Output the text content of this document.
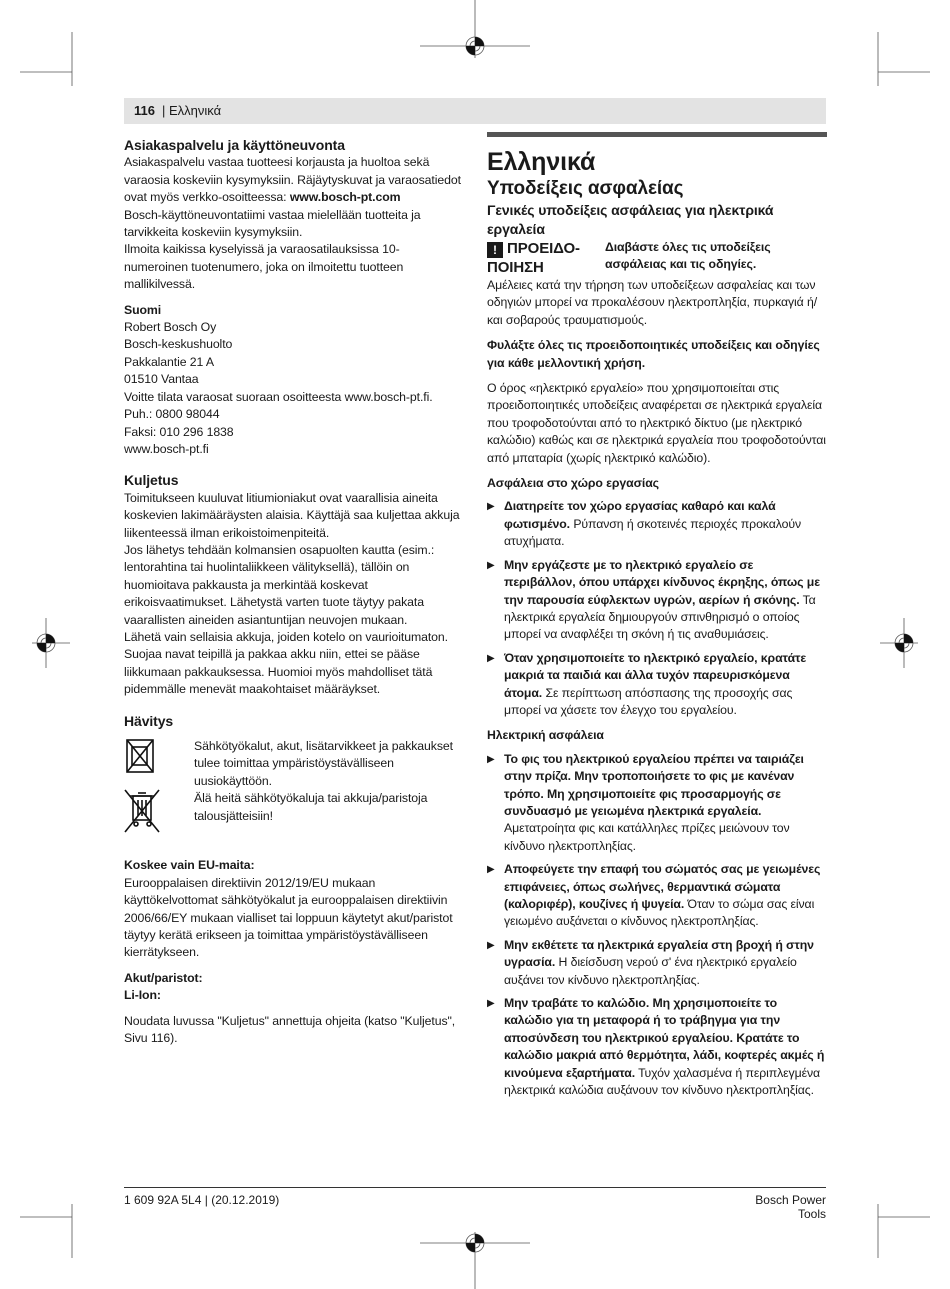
116 | Ελληνικά

Asiakaspalvelu ja käyttöneuvonta

Asiakaspalvelu vastaa tuotteesi korjausta ja huoltoa sekä varaosia koskeviin kysymyksiin. Räjäytyskuvat ja varaosatiedot ovat myös verkko-osoitteessa: www.bosch-pt.com

Bosch-käyttöneuvontatiimi vastaa mielellään tuotteita ja tarvikkeita koskeviin kysymyksiin.

Ilmoita kaikissa kyselyissä ja varaosatilauksissa 10-numeroinen tuotenumero, joka on ilmoitettu tuotteen mallikilvessä.

Suomi

Robert Bosch Oy

Bosch-keskushuolto

Pakkalantie 21 A

01510 Vantaa

Voitte tilata varaosat suoraan osoitteesta www.bosch-pt.fi.

Puh.: 0800 98044

Faksi: 010 296 1838

www.bosch-pt.fi

Kuljetus

Toimitukseen kuuluvat litiumioniakut ovat vaarallisia aineita koskevien lakimääräysten alaisia. Käyttäjä saa kuljettaa akkuja liikenteessä ilman erikoistoimenpiteitä.

Jos lähetys tehdään kolmansien osapuolten kautta (esim.: lentorahtina tai huolintaliikkeen välityksellä), tällöin on huomioitava pakkausta ja merkintää koskevat erikoisvaatimukset. Lähetystä varten tuote täytyy pakata vaarallisten aineiden asiantuntijan neuvojen mukaan.

Lähetä vain sellaisia akkuja, joiden kotelo on vaurioitumaton. Suojaa navat teipillä ja pakkaa akku niin, ettei se pääse liikkumaan pakkauksessa. Huomioi myös mahdolliset tätä pidemmälle menevät maakohtaiset määräykset.

Hävitys

Sähkötyökalut, akut, lisätarvikkeet ja pakkaukset tulee toimittaa ympäristöystävälliseen uusiokäyttöön.

Älä heitä sähkötyökaluja tai akkuja/paristoja talousjätteisiin!

Koskee vain EU-maita:

Eurooppalaisen direktiivin 2012/19/EU mukaan käyttökelvottomat sähkötyökalut ja eurooppalaisen direktiivin 2006/66/EY mukaan vialliset tai loppuun käytetyt akut/paristot täytyy kerätä erikseen ja toimittaa ympäristöystävälliseen kierrätykseen.

Akut/paristot:

Li-Ion:

Noudata luvussa "Kuljetus" annettuja ohjeita (katso "Kuljetus", Sivu 116).

Ελληνικά

Υποδείξεις ασφαλείας

Γενικές υποδείξεις ασφάλειας για ηλεκτρικά εργαλεία

! ΠΡΟΕΙΔΟ-ΠΟΙΗΣΗ
Διαβάστε όλες τις υποδείξεις ασφάλειας και τις οδηγίες.

Αμέλειες κατά την τήρηση των υποδείξεων ασφαλείας και των οδηγιών μπορεί να προκαλέσουν ηλεκτροπληξία, πυρκαγιά ή/και σοβαρούς τραυματισμούς.

Φυλάξτε όλες τις προειδοποιητικές υποδείξεις και οδηγίες για κάθε μελλοντική χρήση.

Ο όρος «ηλεκτρικό εργαλείο» που χρησιμοποιείται στις προειδοποιητικές υποδείξεις αναφέρεται σε ηλεκτρικά εργαλεία που τροφοδοτούνται από το ηλεκτρικό δίκτυο (με ηλεκτρικό καλώδιο) καθώς και σε ηλεκτρικά εργαλεία που τροφοδοτούνται από μπαταρία (χωρίς ηλεκτρικό καλώδιο).

Ασφάλεια στο χώρο εργασίας

▶ Διατηρείτε τον χώρο εργασίας καθαρό και καλά φωτισμένο. Ρύπανση ή σκοτεινές περιοχές προκαλούν ατυχήματα.
▶ Μην εργάζεστε με το ηλεκτρικό εργαλείο σε περιβάλλον, όπου υπάρχει κίνδυνος έκρηξης, όπως με την παρουσία εύφλεκτων υγρών, αερίων ή σκόνης. Τα ηλεκτρικά εργαλεία δημιουργούν σπινθηρισμό ο οποίος μπορεί να αναφλέξει τη σκόνη ή τις αναθυμιάσεις.
▶ Όταν χρησιμοποιείτε το ηλεκτρικό εργαλείο, κρατάτε μακριά τα παιδιά και άλλα τυχόν παρευρισκόμενα άτομα. Σε περίπτωση απόσπασης της προσοχής σας μπορεί να χάσετε τον έλεγχο του εργαλείου.

Ηλεκτρική ασφάλεια

▶ Το φις του ηλεκτρικού εργαλείου πρέπει να ταιριάζει στην πρίζα. Μην τροποποιήσετε το φις με κανέναν τρόπο. Μη χρησιμοποιείτε φις προσαρμογής σε συνδυασμό με γειωμένα ηλεκτρικά εργαλεία. Αμετατροίητα φις και κατάλληλες πρίζες μειώνουν τον κίνδυνο ηλεκτροπληξίας.
▶ Αποφεύγετε την επαφή του σώματός σας με γειωμένες επιφάνειες, όπως σωλήνες, θερμαντικά σώματα (καλοριφέρ), κουζίνες ή ψυγεία. Όταν το σώμα σας είναι γειωμένο αυξάνεται ο κίνδυνος ηλεκτροπληξίας.
▶ Μην εκθέτετε τα ηλεκτρικά εργαλεία στη βροχή ή στην υγρασία. Η διείσδυση νερού σ' ένα ηλεκτρικό εργαλείο αυξάνει τον κίνδυνο ηλεκτροπληξίας.
▶ Μην τραβάτε το καλώδιο. Μη χρησιμοποιείτε το καλώδιο για τη μεταφορά ή το τράβηγμα για την αποσύνδεση του ηλεκτρικού εργαλείου. Κρατάτε το καλώδιο μακριά από θερμότητα, λάδι, κοφτερές ακμές ή κινούμενα εξαρτήματα. Τυχόν χαλασμένα ή περιπλεγμένα ηλεκτρικά καλώδια αυξάνουν τον κίνδυνο ηλεκτροπληξίας.
1 609 92A 5L4 | (20.12.2019)	Bosch Power Tools
